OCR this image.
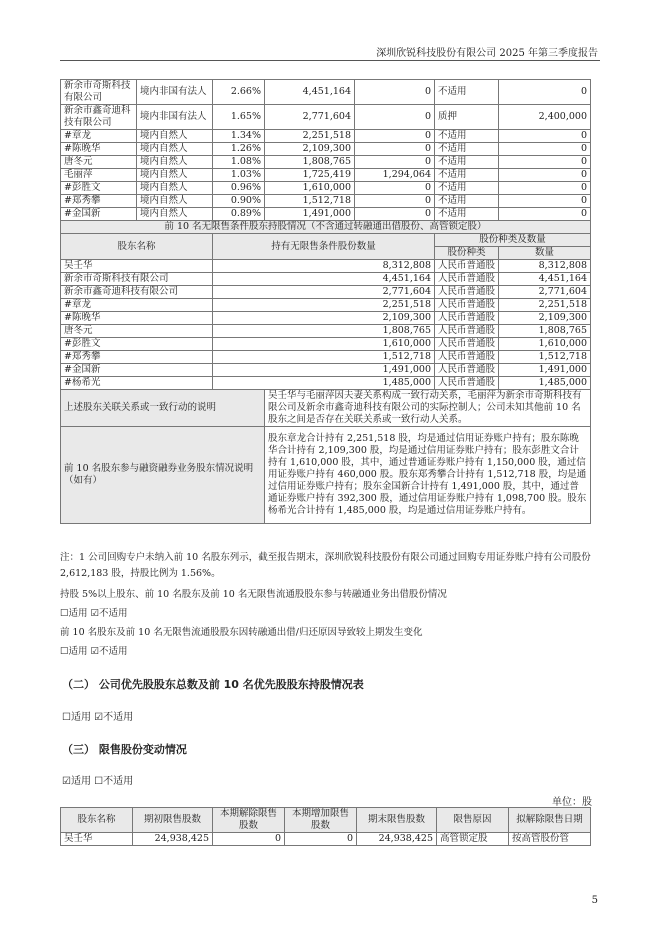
深圳欣锐科技股份有限公司 2025 年第三季度报告
新余市奇斯科技有限公司	境内非国有法人	2.66%	4,451,164	0	不适用	0
新余市鑫奇迪科技有限公司	境内非国有法人	1.65%	2,771,604	0	质押	2,400,000
#章龙	境内自然人	1.34%	2,251,518	0	不适用	0
#陈晚华	境内自然人	1.26%	2,109,300	0	不适用	0
唐冬元	境内自然人	1.08%	1,808,765	0	不适用	0
毛丽萍	境内自然人	1.03%	1,725,419	1,294,064	不适用	0
#彭胜文	境内自然人	0.96%	1,610,000	0	不适用	0
#郑秀攀	境内自然人	0.90%	1,512,718	0	不适用	0
#金国新	境内自然人	0.89%	1,491,000	0	不适用	0
前 10 名无限售条件股东持股情况（不含通过转融通出借股份、高管锁定股）						
股东名称		持有无限售条件股份数量			股份种类及数量	
					股份种类	数量
吴壬华		8,312,808			人民币普通股	8,312,808
新余市奇斯科技有限公司		4,451,164			人民币普通股	4,451,164
新余市鑫奇迪科技有限公司		2,771,604			人民币普通股	2,771,604
#章龙		2,251,518			人民币普通股	2,251,518
#陈晚华		2,109,300			人民币普通股	2,109,300
唐冬元		1,808,765			人民币普通股	1,808,765
#彭胜文		1,610,000			人民币普通股	1,610,000
#郑秀攀		1,512,718			人民币普通股	1,512,718
#金国新		1,491,000			人民币普通股	1,491,000
#杨希光		1,485,000			人民币普通股	1,485,000
上述股东关联关系或一致行动的说明			吴壬华与毛丽萍因夫妻关系构成一致行动关系，毛丽萍为新余市奇斯科技有限公司及新余市鑫奇迪科技有限公司的实际控制人；公司未知其他前 10 名股东之间是否存在关联关系或一致行动人关系。			
前 10 名股东参与融资融券业务股东情况说明（如有）			股东章龙合计持有 2,251,518 股，均是通过信用证券账户持有；股东陈晚华合计持有 2,109,300 股，均是通过信用证券账户持有；股东彭胜文合计持有 1,610,000 股，其中，通过普通证券账户持有 1,150,000 股，通过信用证券账户持有 460,000 股。股东郑秀攀合计持有 1,512,718 股，均是通过信用证券账户持有；股东金国新合计持有 1,491,000 股，其中，通过普通证券账户持有 392,300 股，通过信用证券账户持有 1,098,700 股。股东杨希光合计持有 1,485,000 股，均是通过信用证券账户持有。			
注：1 公司回购专户未纳入前 10 名股东列示，截至报告期末，深圳欣锐科技股份有限公司通过回购专用证券账户持有公司股份 2,612,183 股，持股比例为 1.56%。
持股 5%以上股东、前 10 名股东及前 10 名无限售流通股股东参与转融通业务出借股份情况
☐适用 ☑不适用
前 10 名股东及前 10 名无限售流通股股东因转融通出借/归还原因导致较上期发生变化
☐适用 ☑不适用
（二） 公司优先股股东总数及前 10 名优先股股东持股情况表
☐适用 ☑不适用
（三） 限售股份变动情况
☑适用 ☐不适用
单位：股
股东名称	期初限售股数	本期解除限售股数	本期增加限售股数	期末限售股数	限售原因	拟解除限售日期
吴壬华	24,938,425	0	0	24,938,425	高管锁定股	按高管股份管
5
